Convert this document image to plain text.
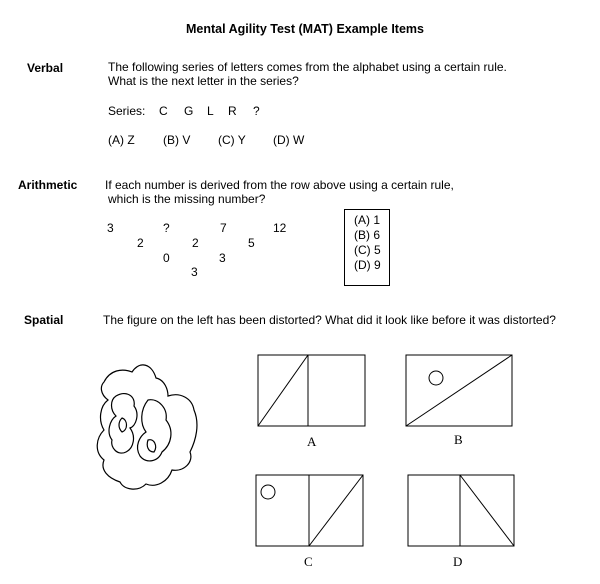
Mental Agility Test (MAT) Example Items
Verbal	The following series of letters comes from the alphabet using a certain rule.
What is the next letter in the series?
Series: C G L R ?
(A) Z (B) V (C) Y (D) W
Arithmetic If each number is derived from the row above using a certain rule,
which is the missing number?
3	?	7	12
2	2	5
0	3
3
(A) 1
(B) 6
(C) 5
(D) 9
Spatial	The figure on the left has been distorted? What did it look like before it was distorted?
A	B
C	D
